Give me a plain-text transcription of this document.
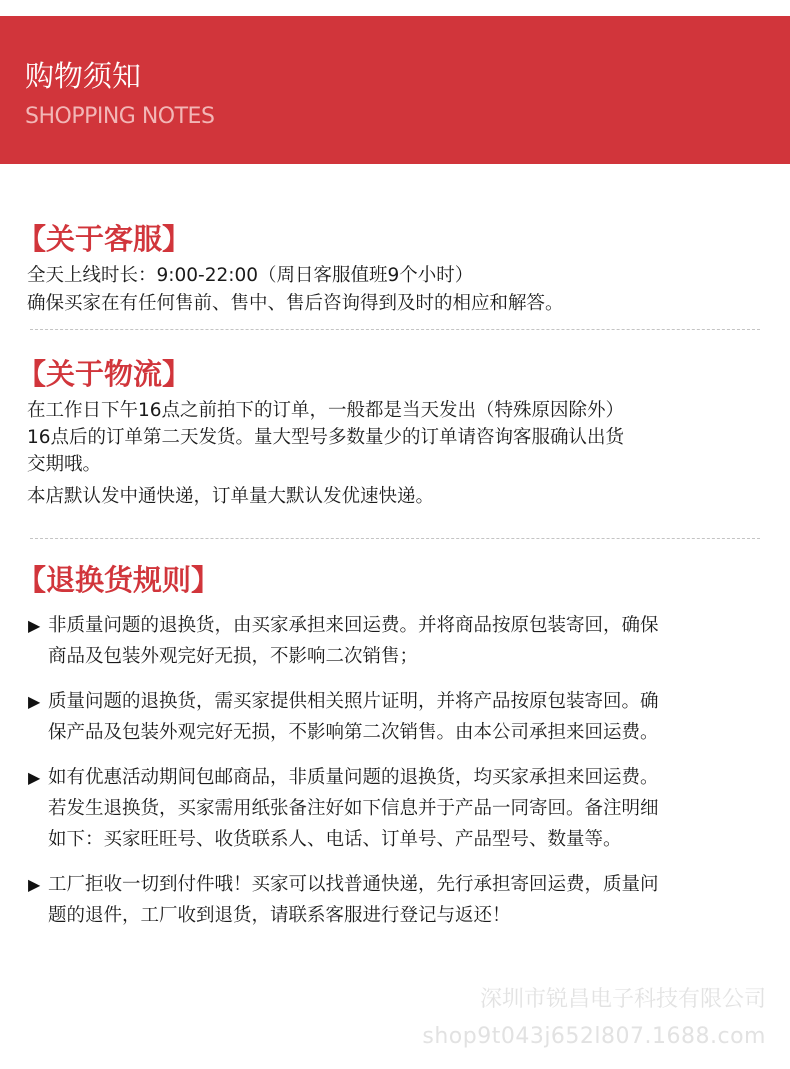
购物须知
SHOPPING NOTES
【关于客服】
全天上线时长：9:00-22:00（周日客服值班9个小时）
确保买家在有任何售前、售中、售后咨询得到及时的相应和解答。
【关于物流】
在工作日下午16点之前拍下的订单，一般都是当天发出（特殊原因除外）
16点后的订单第二天发货。量大型号多数量少的订单请咨询客服确认出货
交期哦。
本店默认发中通快递，订单量大默认发优速快递。
【退换货规则】
▶ 非质量问题的退换货，由买家承担来回运费。并将商品按原包装寄回，确保
商品及包装外观完好无损，不影响二次销售；
▶ 质量问题的退换货，需买家提供相关照片证明，并将产品按原包装寄回。确
保产品及包装外观完好无损，不影响第二次销售。由本公司承担来回运费。
▶ 如有优惠活动期间包邮商品，非质量问题的退换货，均买家承担来回运费。
若发生退换货，买家需用纸张备注好如下信息并于产品一同寄回。备注明细
如下：买家旺旺号、收货联系人、电话、订单号、产品型号、数量等。
▶ 工厂拒收一切到付件哦！买家可以找普通快递，先行承担寄回运费，质量问
题的退件，工厂收到退货，请联系客服进行登记与返还！
深圳市锐昌电子科技有限公司
shop9t043j652l807.1688.com
